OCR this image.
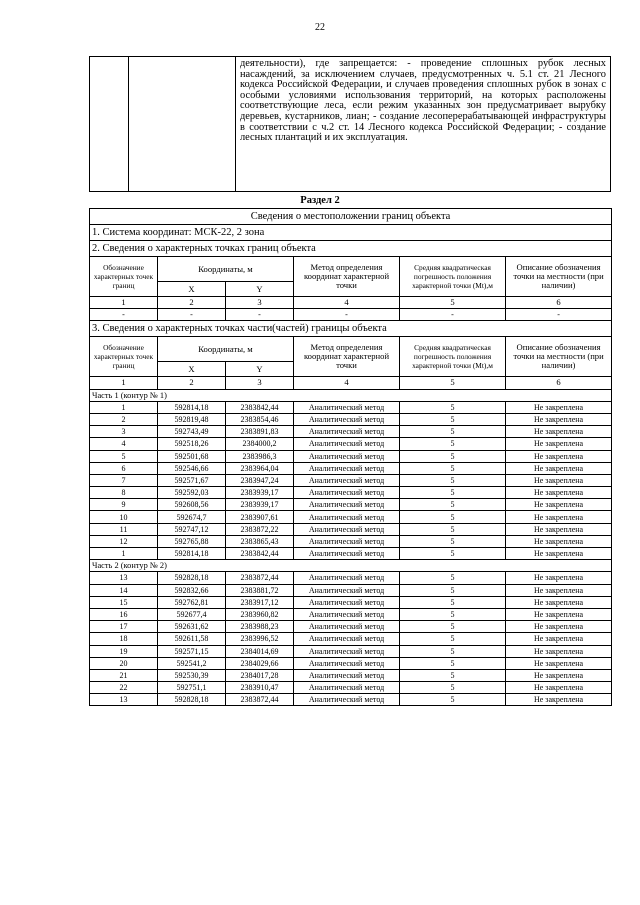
22
		деятельности), где запрещается: - проведение сплошных рубок лесных насаждений, за исключением случаев, предусмотренных ч. 5.1 ст. 21 Лесного кодекса Российской Федерации, и случаев проведения сплошных рубок в зонах с особыми условиями использования территорий, на которых расположены соответствующие леса, если режим указанных зон предусматривает вырубку деревьев, кустарников, лиан; - создание лесоперерабатывающей инфраструктуры в соответствии с ч.2 ст. 14 Лесного кодекса Российской Федерации; - создание лесных плантаций и их эксплуатация.
Раздел 2
Сведения о местоположении границ объекта					
1. Система координат: МСК-22, 2 зона					
2. Сведения о характерных точках границ объекта					
Обозначение характерных точек границ	Координаты, м		Метод определения координат характерной точки	Средняя квадратическая погрешность положения характерной точки (Mt),м	Описание обозначения точки на местности (при наличии)
	X	Y			
1	2	3	4	5	6
-	-	-	-	-	-
3. Сведения о характерных точках части(частей) границы объекта					
Обозначение характерных точек границ	Координаты, м		Метод определения координат характерной точки	Средняя квадратическая погрешность положения характерной точки (Mt),м	Описание обозначения точки на местности (при наличии)
	X	Y			
1	2	3	4	5	6
Часть 1 (контур № 1)					
1	592814,18	2383842,44	Аналитический метод	5	Не закреплена
2	592819,48	2383854,46	Аналитический метод	5	Не закреплена
3	592743,49	2383891,83	Аналитический метод	5	Не закреплена
4	592518,26	2384000,2	Аналитический метод	5	Не закреплена
5	592501,68	2383986,3	Аналитический метод	5	Не закреплена
6	592546,66	2383964,04	Аналитический метод	5	Не закреплена
7	592571,67	2383947,24	Аналитический метод	5	Не закреплена
8	592592,03	2383939,17	Аналитический метод	5	Не закреплена
9	592608,56	2383939,17	Аналитический метод	5	Не закреплена
10	592674,7	2383907,61	Аналитический метод	5	Не закреплена
11	592747,12	2383872,22	Аналитический метод	5	Не закреплена
12	592765,88	2383865,43	Аналитический метод	5	Не закреплена
1	592814,18	2383842,44	Аналитический метод	5	Не закреплена
Часть 2 (контур № 2)					
13	592828,18	2383872,44	Аналитический метод	5	Не закреплена
14	592832,66	2383881,72	Аналитический метод	5	Не закреплена
15	592762,81	2383917,12	Аналитический метод	5	Не закреплена
16	592677,4	2383960,82	Аналитический метод	5	Не закреплена
17	592631,62	2383988,23	Аналитический метод	5	Не закреплена
18	592611,58	2383996,52	Аналитический метод	5	Не закреплена
19	592571,15	2384014,69	Аналитический метод	5	Не закреплена
20	592541,2	2384029,66	Аналитический метод	5	Не закреплена
21	592530,39	2384017,28	Аналитический метод	5	Не закреплена
22	592751,1	2383910,47	Аналитический метод	5	Не закреплена
13	592828,18	2383872,44	Аналитический метод	5	Не закреплена
